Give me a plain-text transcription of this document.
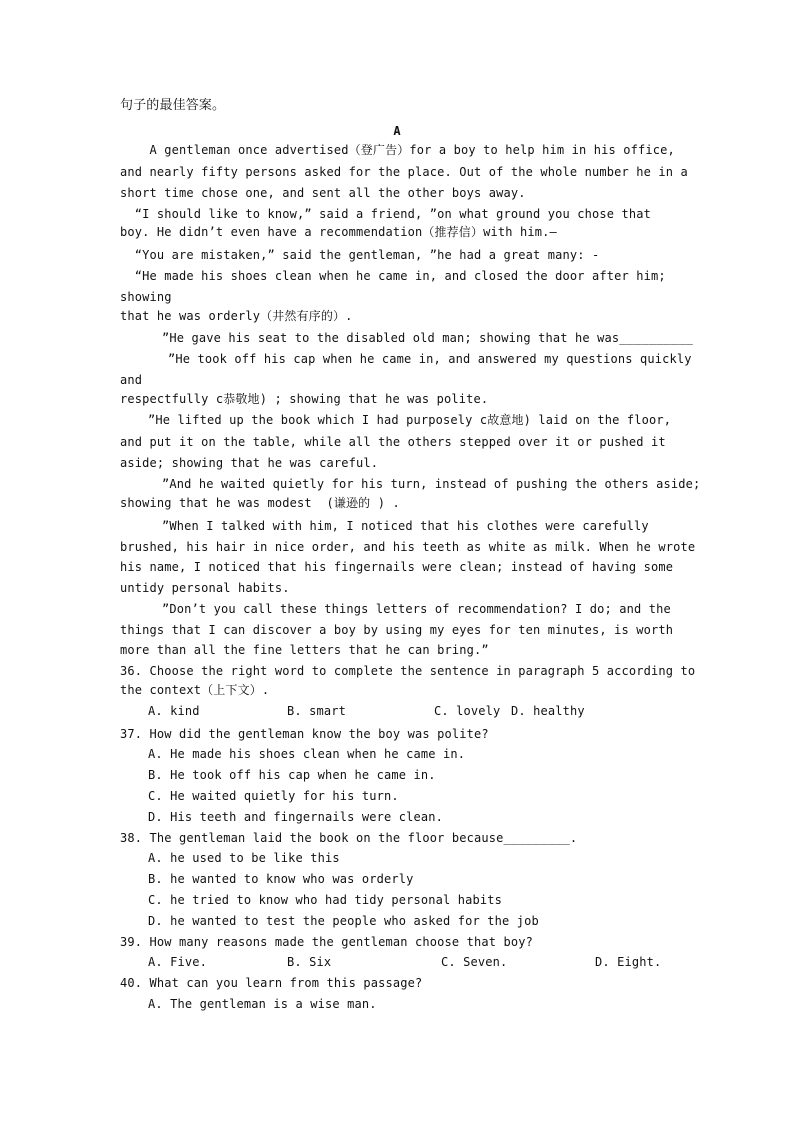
句子的最佳答案。
A
A gentleman once advertised（登广告）for a boy to help him in his office,
and nearly fifty persons asked for the place. Out of the whole number he in a
short time chose one, and sent all the other boys away.
“I should like to know,” said a friend, ”on what ground you chose that
boy. He didn’t even have a recommendation（推荐信）with him.—
“You are mistaken,” said the gentleman, ”he had a great many: -
“He made his shoes clean when he came in, and closed the door after him;
showing
that he was orderly（井然有序的）.
”He gave his seat to the disabled old man; showing that he was__________
”He took off his cap when he came in, and answered my questions quickly
and
respectfully c恭敬地) ; showing that he was polite.
”He lifted up the book which I had purposely c故意地) laid on the floor,
and put it on the table, while all the others stepped over it or pushed it
aside; showing that he was careful.
”And he waited quietly for his turn, instead of pushing the others aside;
showing that he was modest  (谦逊的 ) .
”When I talked with him, I noticed that his clothes were carefully
brushed, his hair in nice order, and his teeth as white as milk. When he wrote
his name, I noticed that his fingernails were clean; instead of having some
untidy personal habits.
”Don’t you call these things letters of recommendation? I do; and the
things that I can discover a boy by using my eyes for ten minutes, is worth
more than all the fine letters that he can bring.”
36. Choose the right word to complete the sentence in paragraph 5 according to
the context（上下文）.
A. kind	B. smart	C. lovely D. healthy
37. How did the gentleman know the boy was polite?
A. He made his shoes clean when he came in.
B. He took off his cap when he came in.
C. He waited quietly for his turn.
D. His teeth and fingernails were clean.
38. The gentleman laid the book on the floor because_________.
A. he used to be like this
B. he wanted to know who was orderly
C. he tried to know who had tidy personal habits
D. he wanted to test the people who asked for the job
39. How many reasons made the gentleman choose that boy?
A. Five.	B. Six	C. Seven.	D. Eight.
40. What can you learn from this passage?
A. The gentleman is a wise man.
